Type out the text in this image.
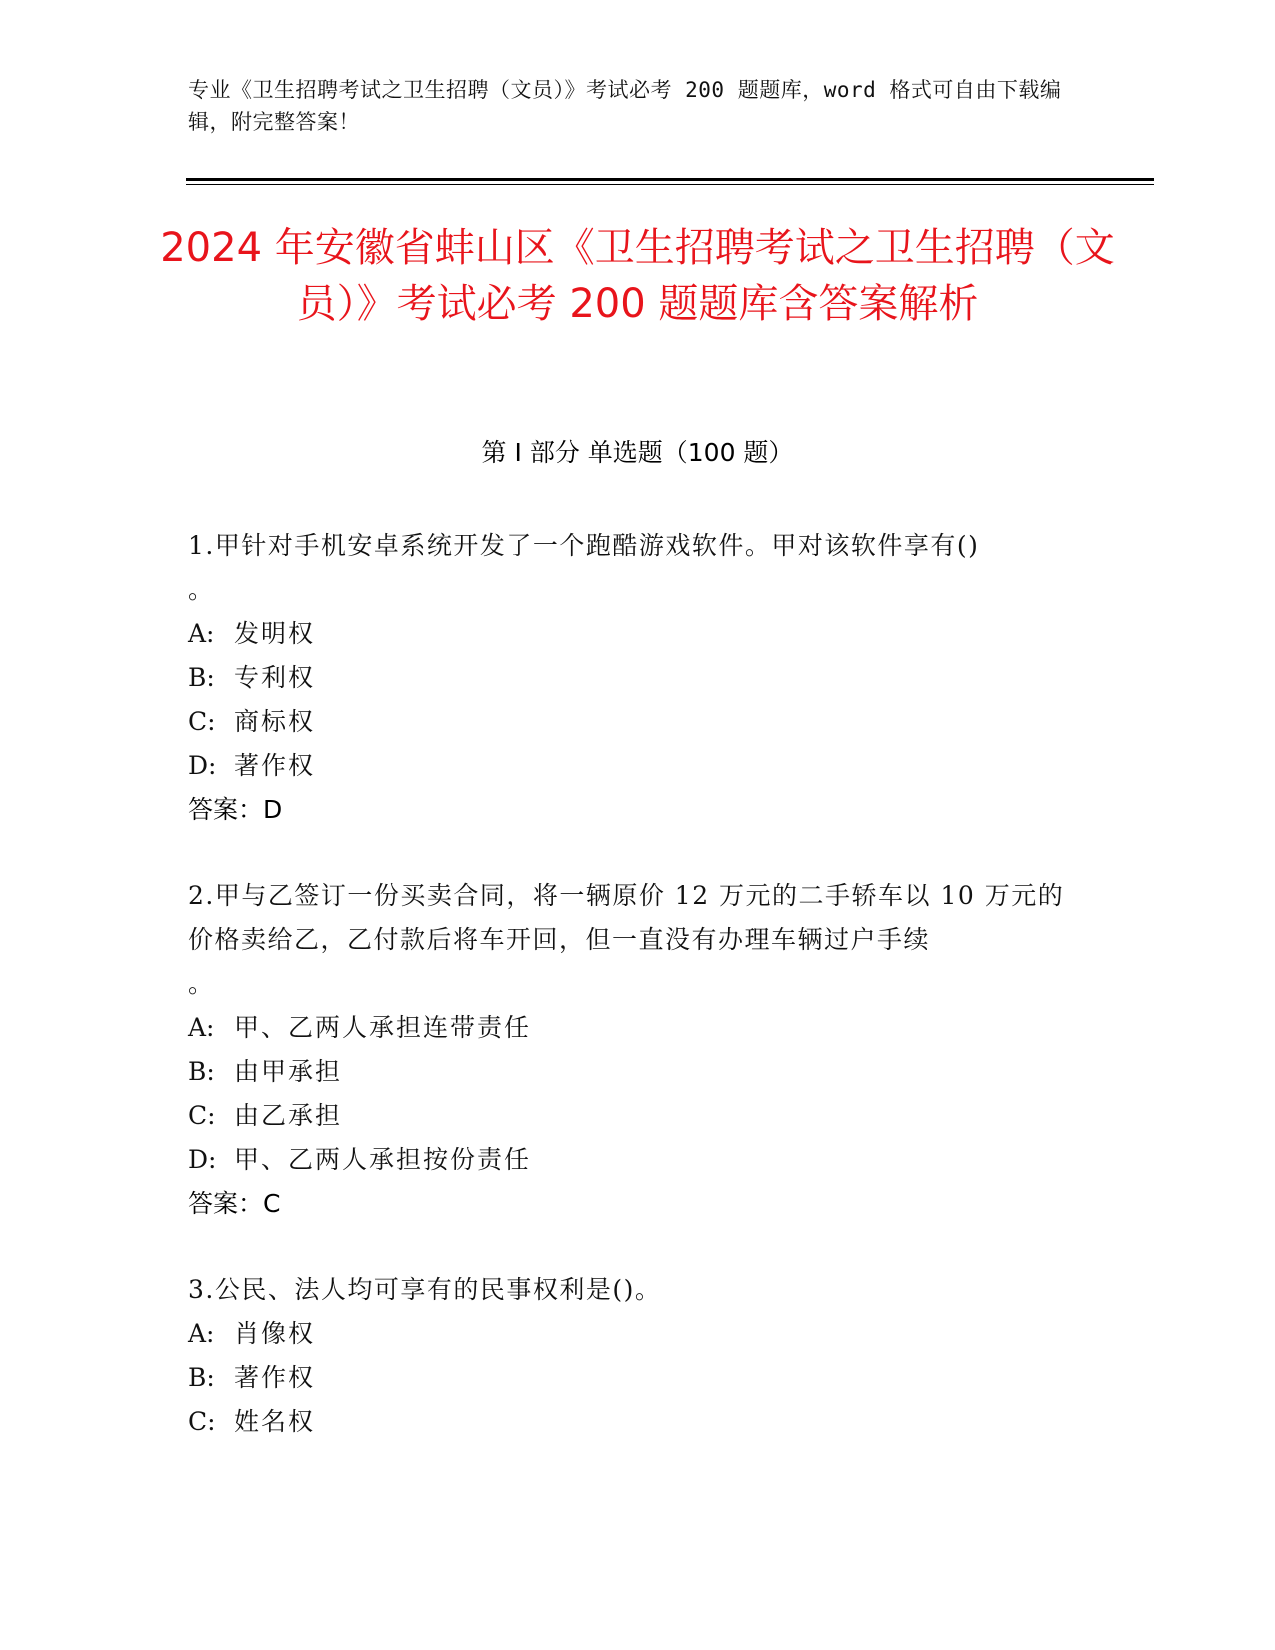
专业《卫生招聘考试之卫生招聘（文员）》考试必考 200 题题库，word 格式可自由下载编辑，附完整答案！
2024 年安徽省蚌山区《卫生招聘考试之卫生招聘（文员）》考试必考 200 题题库含答案解析
第 I 部分 单选题（100 题）
1.甲针对手机安卓系统开发了一个跑酷游戏软件。甲对该软件享有()
。
A: 发明权
B: 专利权
C: 商标权
D: 著作权
答案：D
2.甲与乙签订一份买卖合同，将一辆原价 12 万元的二手轿车以 10 万元的价格卖给乙，乙付款后将车开回，但一直没有办理车辆过户手续
。
A: 甲、乙两人承担连带责任
B: 由甲承担
C: 由乙承担
D: 甲、乙两人承担按份责任
答案：C
3.公民、法人均可享有的民事权利是()。
A: 肖像权
B: 著作权
C: 姓名权
